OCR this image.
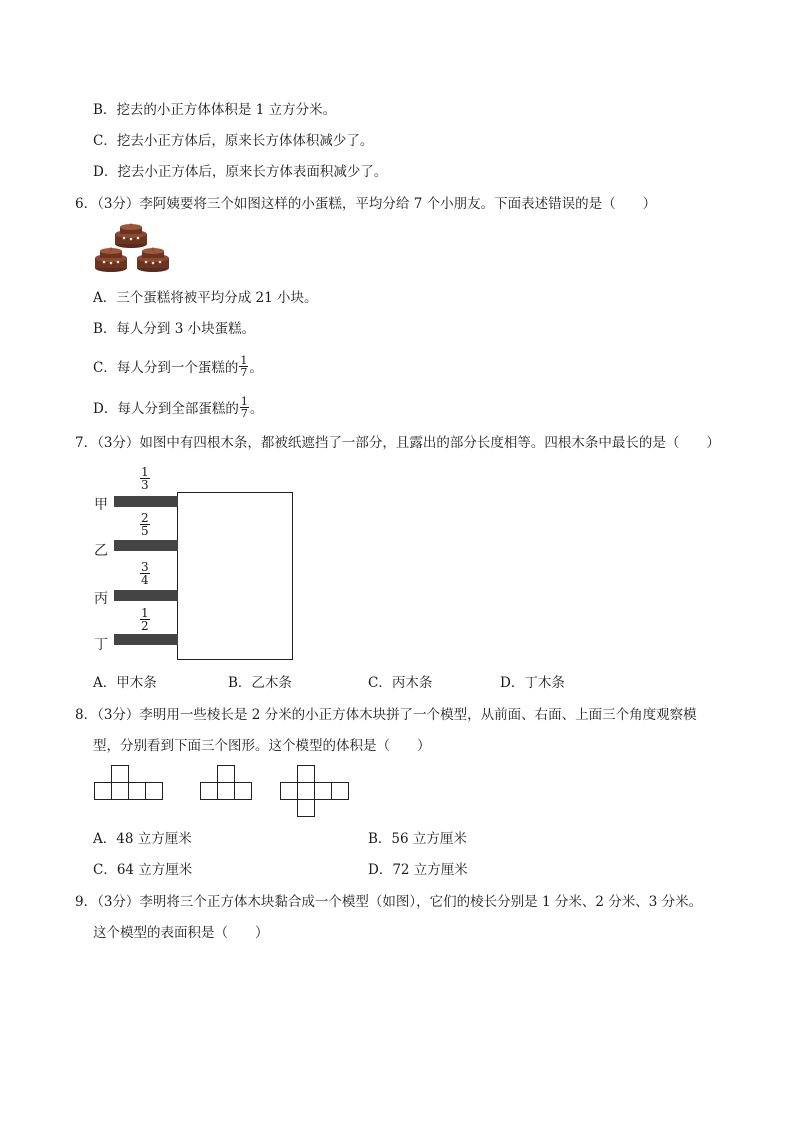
B．挖去的小正方体体积是 1 立方分米。
C．挖去小正方体后，原来长方体体积减少了。
D．挖去小正方体后，原来长方体表面积减少了。
6．（3分）李阿姨要将三个如图这样的小蛋糕，平均分给 7 个小朋友。下面表述错误的是（　　）
A．三个蛋糕将被平均分成 21 小块。
B．每人分到 3 小块蛋糕。
C．每人分到一个蛋糕的 $\frac{1}{7}$ 。
D．每人分到全部蛋糕的 $\frac{1}{7}$ 。
7．（3分）如图中有四根木条，都被纸遮挡了一部分，且露出的部分长度相等。四根木条中最长的是（　　）
甲
$\frac{1}{3}$
乙
$\frac{2}{5}$
丙
$\frac{3}{4}$
丁
$\frac{1}{2}$
A．甲木条	B．乙木条	C．丙木条	D．丁木条
8．（3分）李明用一些棱长是 2 分米的小正方体木块拼了一个模型，从前面、右面、上面三个角度观察模
型，分别看到下面三个图形。这个模型的体积是（　　）
A．48 立方厘米	B．56 立方厘米
C．64 立方厘米	D．72 立方厘米
9．（3分）李明将三个正方体木块黏合成一个模型（如图），它们的棱长分别是 1 分米、2 分米、3 分米。
这个模型的表面积是（　　）
